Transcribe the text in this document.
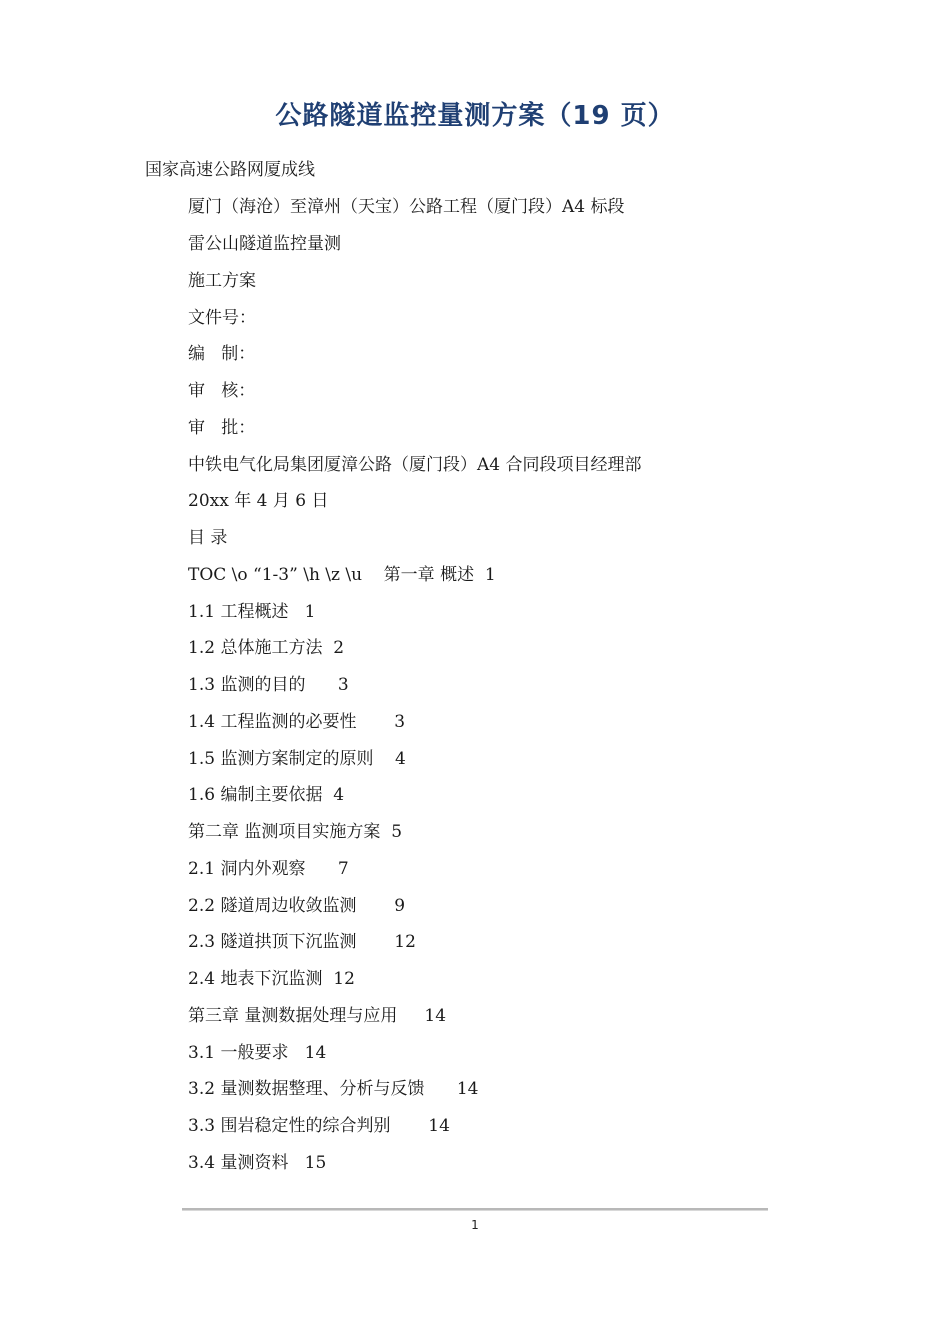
公路隧道监控量测方案（19 页）
国家高速公路网厦成线
厦门（海沧）至漳州（天宝）公路工程（厦门段）A4 标段
雷公山隧道监控量测
施工方案
文件号：
编   制：
审   核：
审   批：
中铁电气化局集团厦漳公路（厦门段）A4 合同段项目经理部
20xx 年 4 月 6 日
目 录
TOC \o “1-3” \h \z \u    第一章 概述  1
1.1 工程概述   1
1.2 总体施工方法  2
1.3 监测的目的      3
1.4 工程监测的必要性       3
1.5 监测方案制定的原则    4
1.6 编制主要依据  4
第二章 监测项目实施方案  5
2.1 洞内外观察      7
2.2 隧道周边收敛监测       9
2.3 隧道拱顶下沉监测       12
2.4 地表下沉监测  12
第三章 量测数据处理与应用     14
3.1 一般要求   14
3.2 量测数据整理、分析与反馈      14
3.3 围岩稳定性的综合判别       14
3.4 量测资料   15
1
